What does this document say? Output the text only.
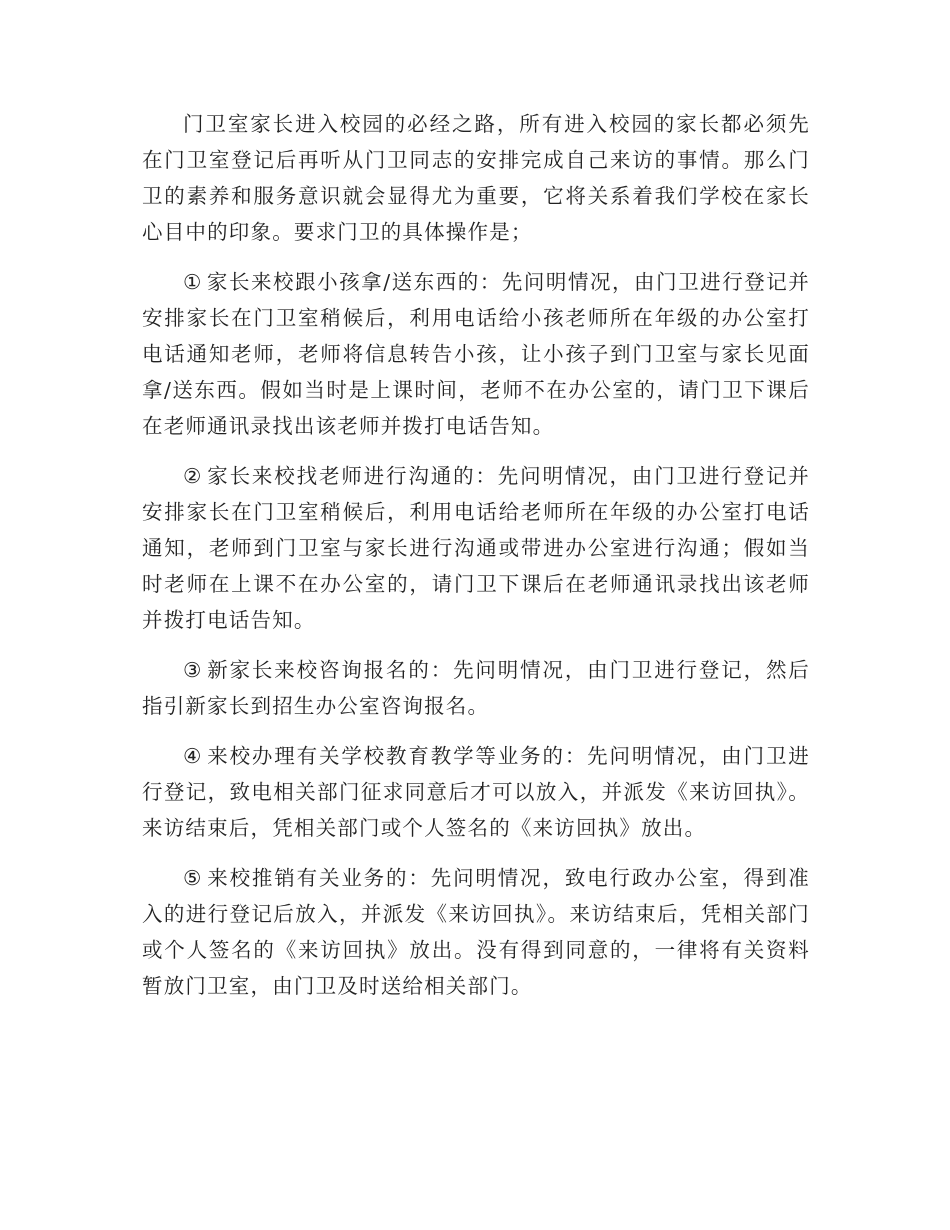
门卫室家长进入校园的必经之路，所有进入校园的家长都必须先在门卫室登记后再听从门卫同志的安排完成自己来访的事情。那么门卫的素养和服务意识就会显得尤为重要，它将关系着我们学校在家长心目中的印象。要求门卫的具体操作是；

① 家长来校跟小孩拿/送东西的：先问明情况，由门卫进行登记并安排家长在门卫室稍候后，利用电话给小孩老师所在年级的办公室打电话通知老师，老师将信息转告小孩，让小孩子到门卫室与家长见面拿/送东西。假如当时是上课时间，老师不在办公室的，请门卫下课后在老师通讯录找出该老师并拨打电话告知。

② 家长来校找老师进行沟通的：先问明情况，由门卫进行登记并安排家长在门卫室稍候后，利用电话给老师所在年级的办公室打电话通知，老师到门卫室与家长进行沟通或带进办公室进行沟通；假如当时老师在上课不在办公室的，请门卫下课后在老师通讯录找出该老师并拨打电话告知。

③ 新家长来校咨询报名的：先问明情况，由门卫进行登记，然后指引新家长到招生办公室咨询报名。

④ 来校办理有关学校教育教学等业务的：先问明情况，由门卫进行登记，致电相关部门征求同意后才可以放入，并派发《来访回执》。来访结束后，凭相关部门或个人签名的《来访回执》放出。

⑤ 来校推销有关业务的：先问明情况，致电行政办公室，得到准入的进行登记后放入，并派发《来访回执》。来访结束后，凭相关部门或个人签名的《来访回执》放出。没有得到同意的，一律将有关资料暂放门卫室，由门卫及时送给相关部门。
